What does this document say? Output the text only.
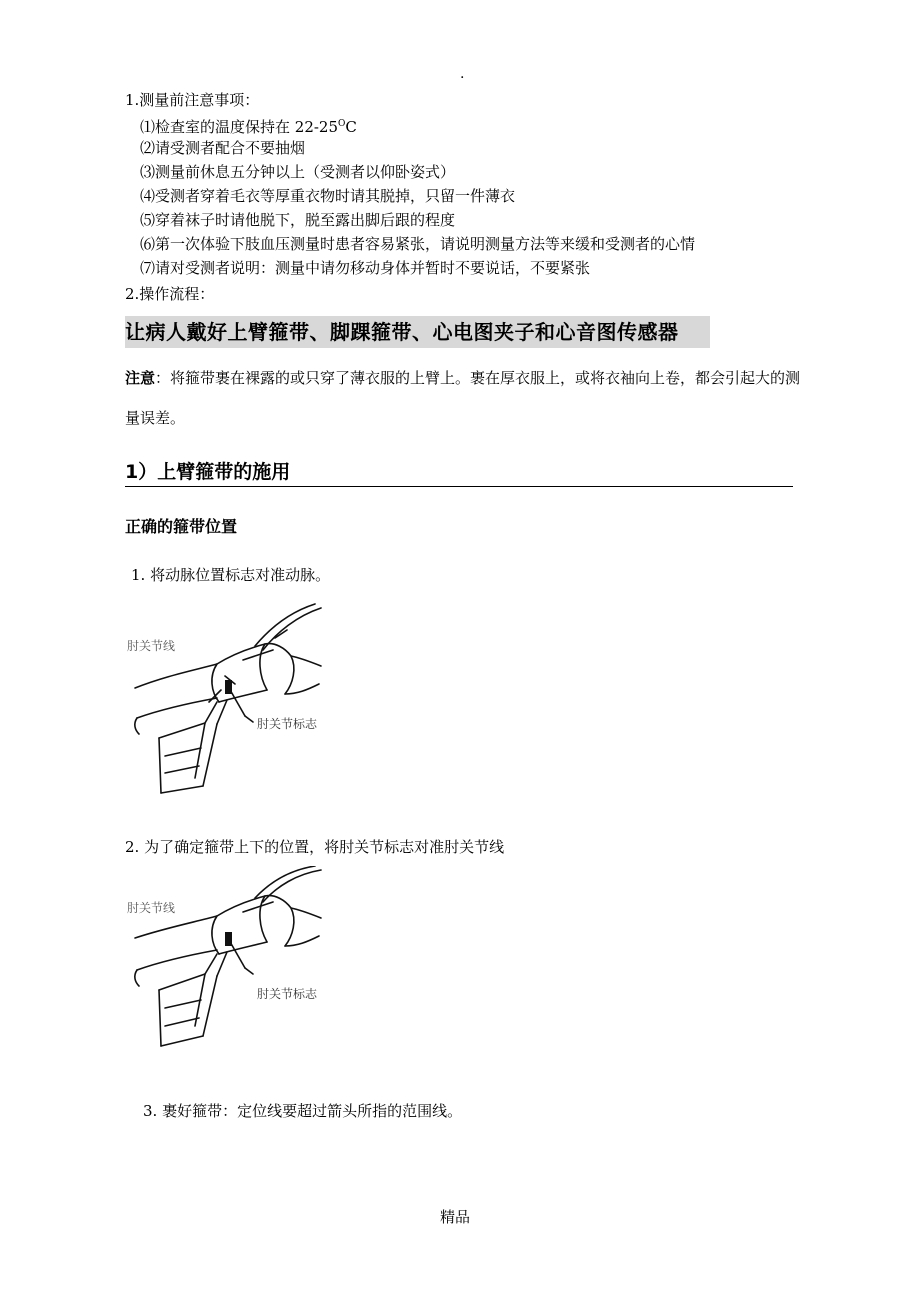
.
1.测量前注意事项：
⑴检查室的温度保持在 $22-25^OC$
⑵请受测者配合不要抽烟
⑶测量前休息五分钟以上（受测者以仰卧姿式）
⑷受测者穿着毛衣等厚重衣物时请其脱掉，只留一件薄衣
⑸穿着袜子时请他脱下，脱至露出脚后跟的程度
⑹第一次体验下肢血压测量时患者容易紧张，请说明测量方法等来缓和受测者的心情
⑺请对受测者说明：测量中请勿移动身体并暂时不要说话，不要紧张
2.操作流程：
让病人戴好上臂箍带、脚踝箍带、心电图夹子和心音图传感器
注意：将箍带裹在裸露的或只穿了薄衣服的上臂上。裹在厚衣服上，或将衣袖向上卷，都会引起大的测量误差。
1）上臂箍带的施用
正确的箍带位置
1. 将动脉位置标志对准动脉。
肘关节线
肘关节标志
2. 为了确定箍带上下的位置，将肘关节标志对准肘关节线
肘关节线
肘关节标志
3. 裹好箍带：定位线要超过箭头所指的范围线。
精品
